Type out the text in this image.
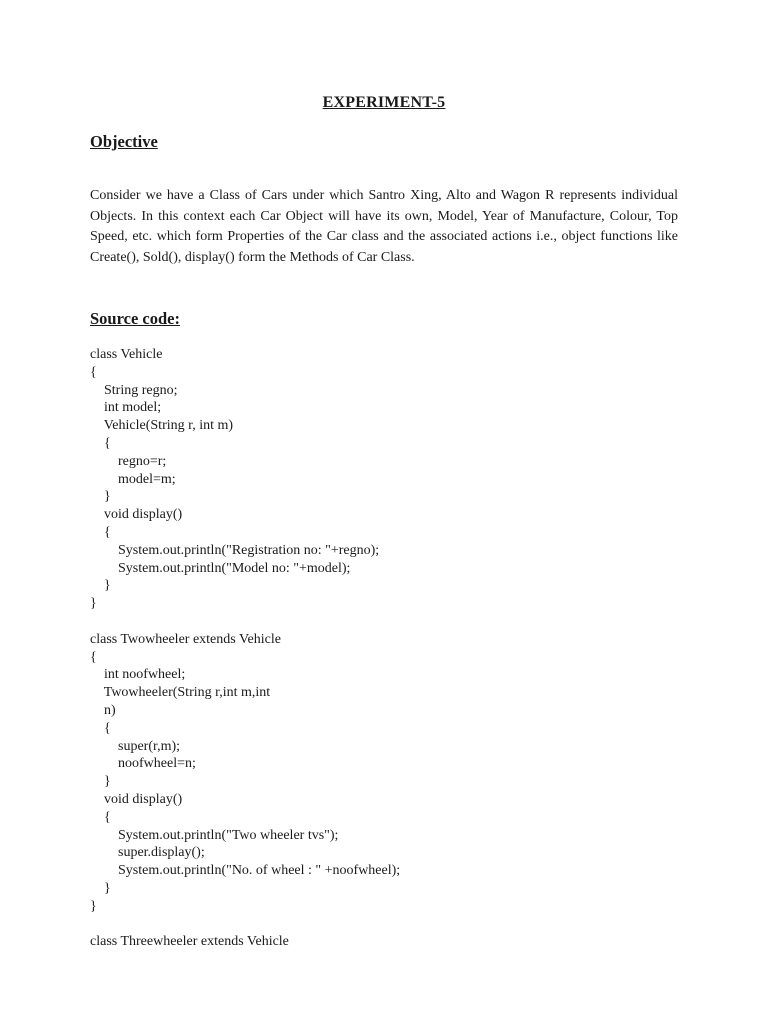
EXPERIMENT-5
Objective

Consider we have a Class of Cars under which Santro Xing, Alto and Wagon R represents individual Objects. In this context each Car Object will have its own, Model, Year of Manufacture, Colour, Top Speed, etc. which form Properties of the Car class and the associated actions i.e., object functions like Create(), Sold(), display() form the Methods of Car Class.

Source code:
class Vehicle
{
String regno;
int model;
Vehicle(String r, int m)
{
regno=r;
model=m;
}
void display()
{
System.out.println("Registration no: "+regno);
System.out.println("Model no: "+model);
}
}
class Twowheeler extends Vehicle
{
int noofwheel;
Twowheeler(String r,int m,int
n)
{
super(r,m);
noofwheel=n;
}
void display()
{
System.out.println("Two wheeler tvs");
super.display();
System.out.println("No. of wheel : " +noofwheel);
}
}
class Threewheeler extends Vehicle
